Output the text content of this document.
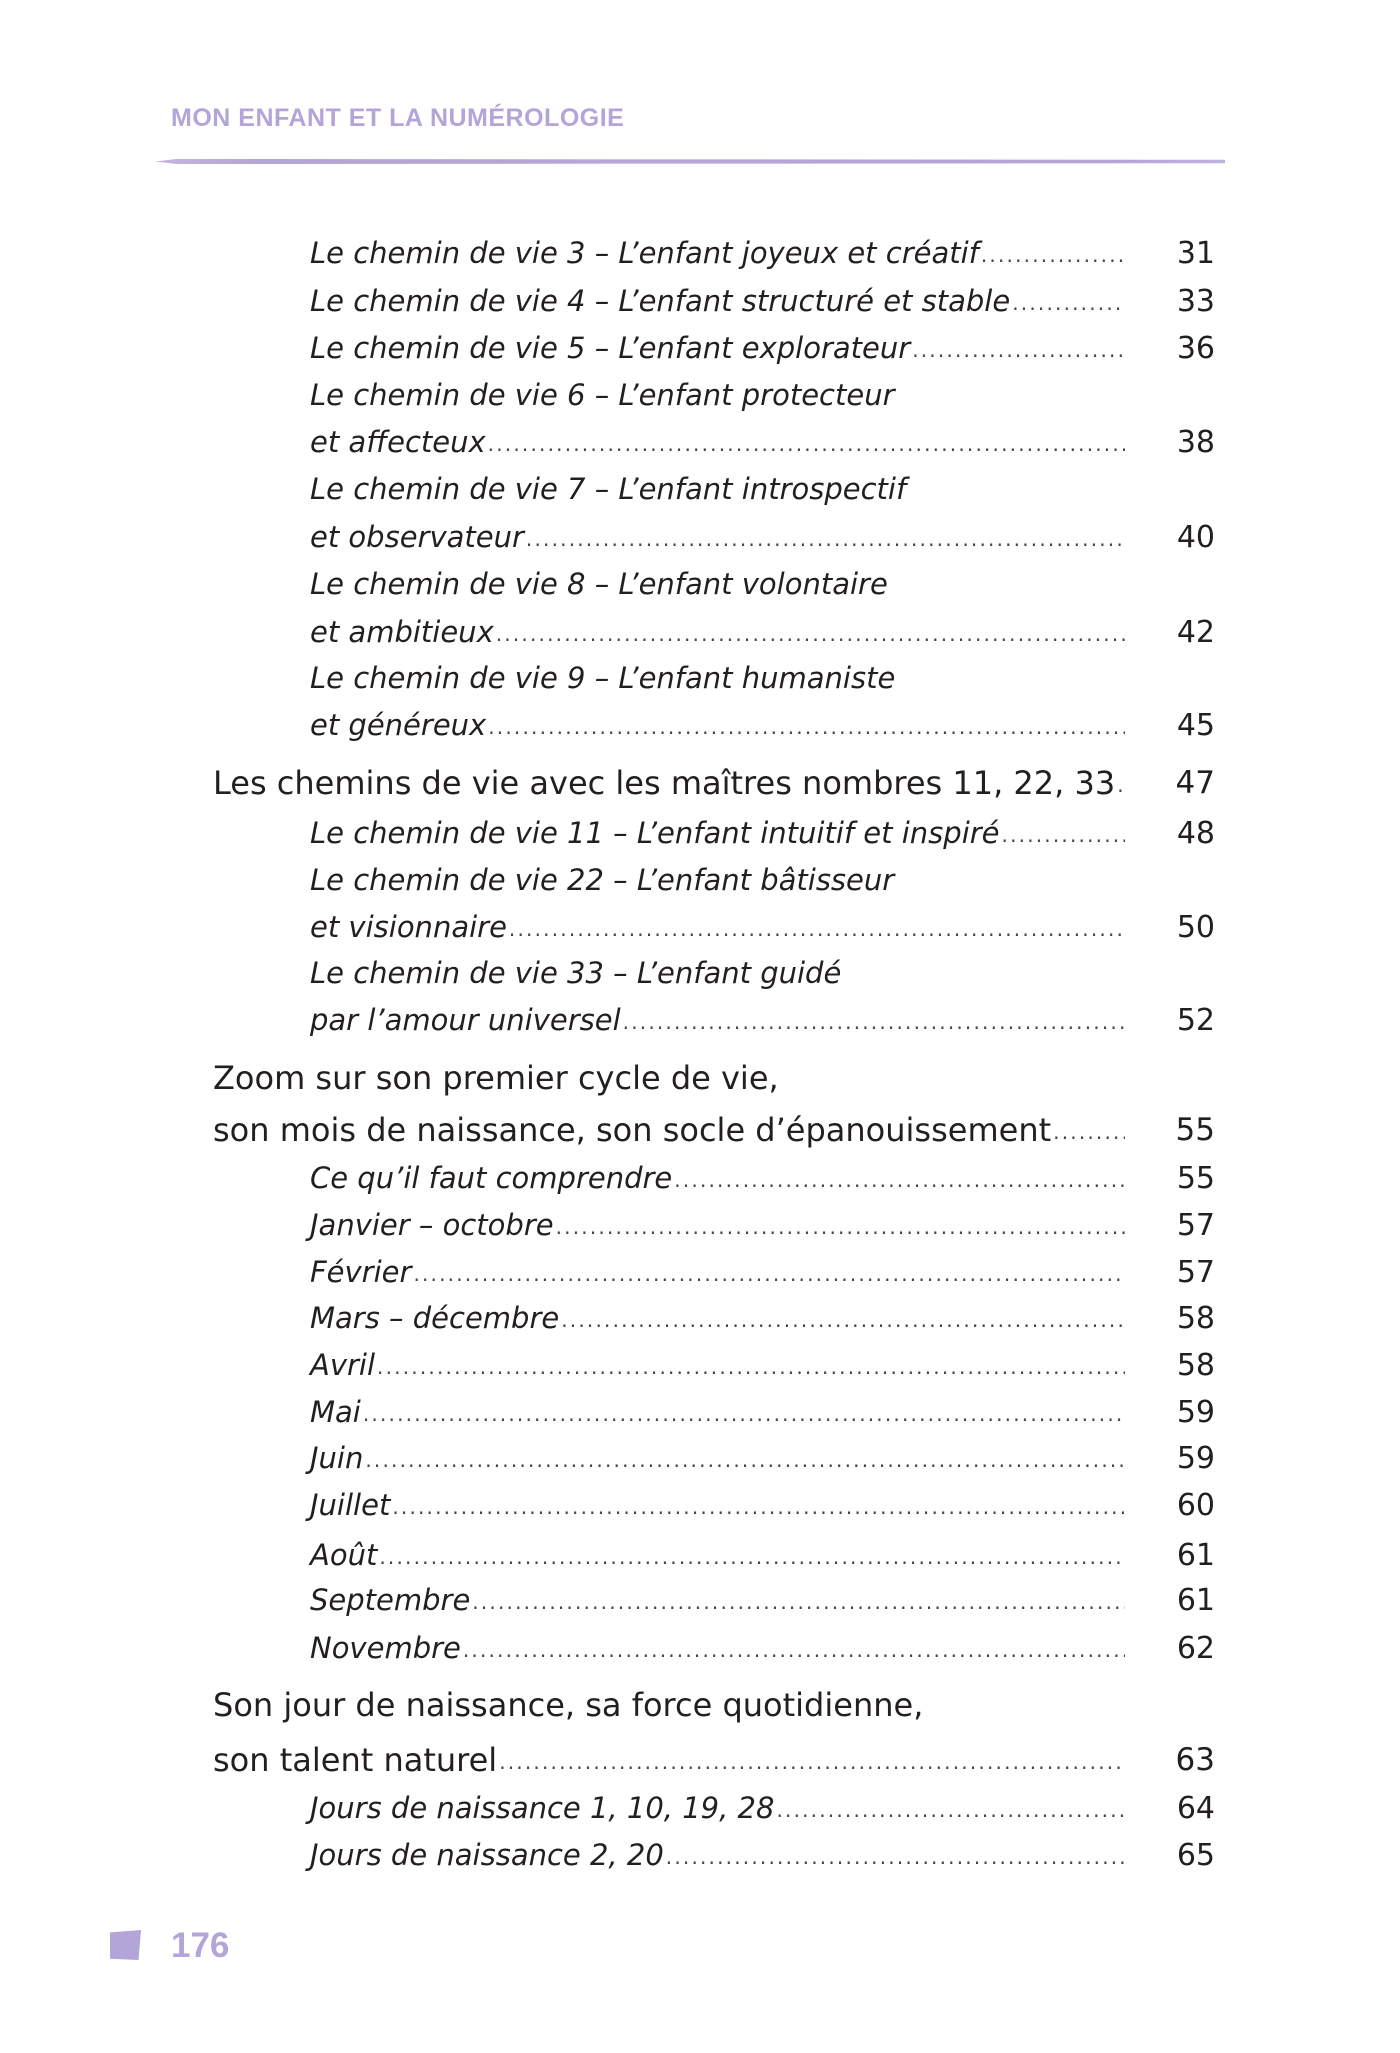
MON ENFANT ET LA NUMÉROLOGIE
Le chemin de vie 3 – L’enfant joyeux et créatif .....	31
Le chemin de vie 4 – L’enfant structuré et stable .....	33
Le chemin de vie 5 – L’enfant explorateur .....	36
Le chemin de vie 6 – L’enfant protecteur
et affecteux .....	38
Le chemin de vie 7 – L’enfant introspectif
et observateur .....	40
Le chemin de vie 8 – L’enfant volontaire
et ambitieux .....	42
Le chemin de vie 9 – L’enfant humaniste
et généreux .....	45
Les chemins de vie avec les maîtres nombres 11, 22, 33 .....	47
Le chemin de vie 11 – L’enfant intuitif et inspiré .....	48
Le chemin de vie 22 – L’enfant bâtisseur
et visionnaire .....	50
Le chemin de vie 33 – L’enfant guidé
par l’amour universel .....	52
Zoom sur son premier cycle de vie,
son mois de naissance, son socle d’épanouissement .....	55
Ce qu’il faut comprendre .....	55
Janvier – octobre .....	57
Février .....	57
Mars – décembre .....	58
Avril .....	58
Mai .....	59
Juin .....	59
Juillet .....	60
Août .....	61
Septembre .....	61
Novembre .....	62
Son jour de naissance, sa force quotidienne,
son talent naturel .....	63
Jours de naissance 1, 10, 19, 28 .....	64
Jours de naissance 2, 20 .....	65
176
